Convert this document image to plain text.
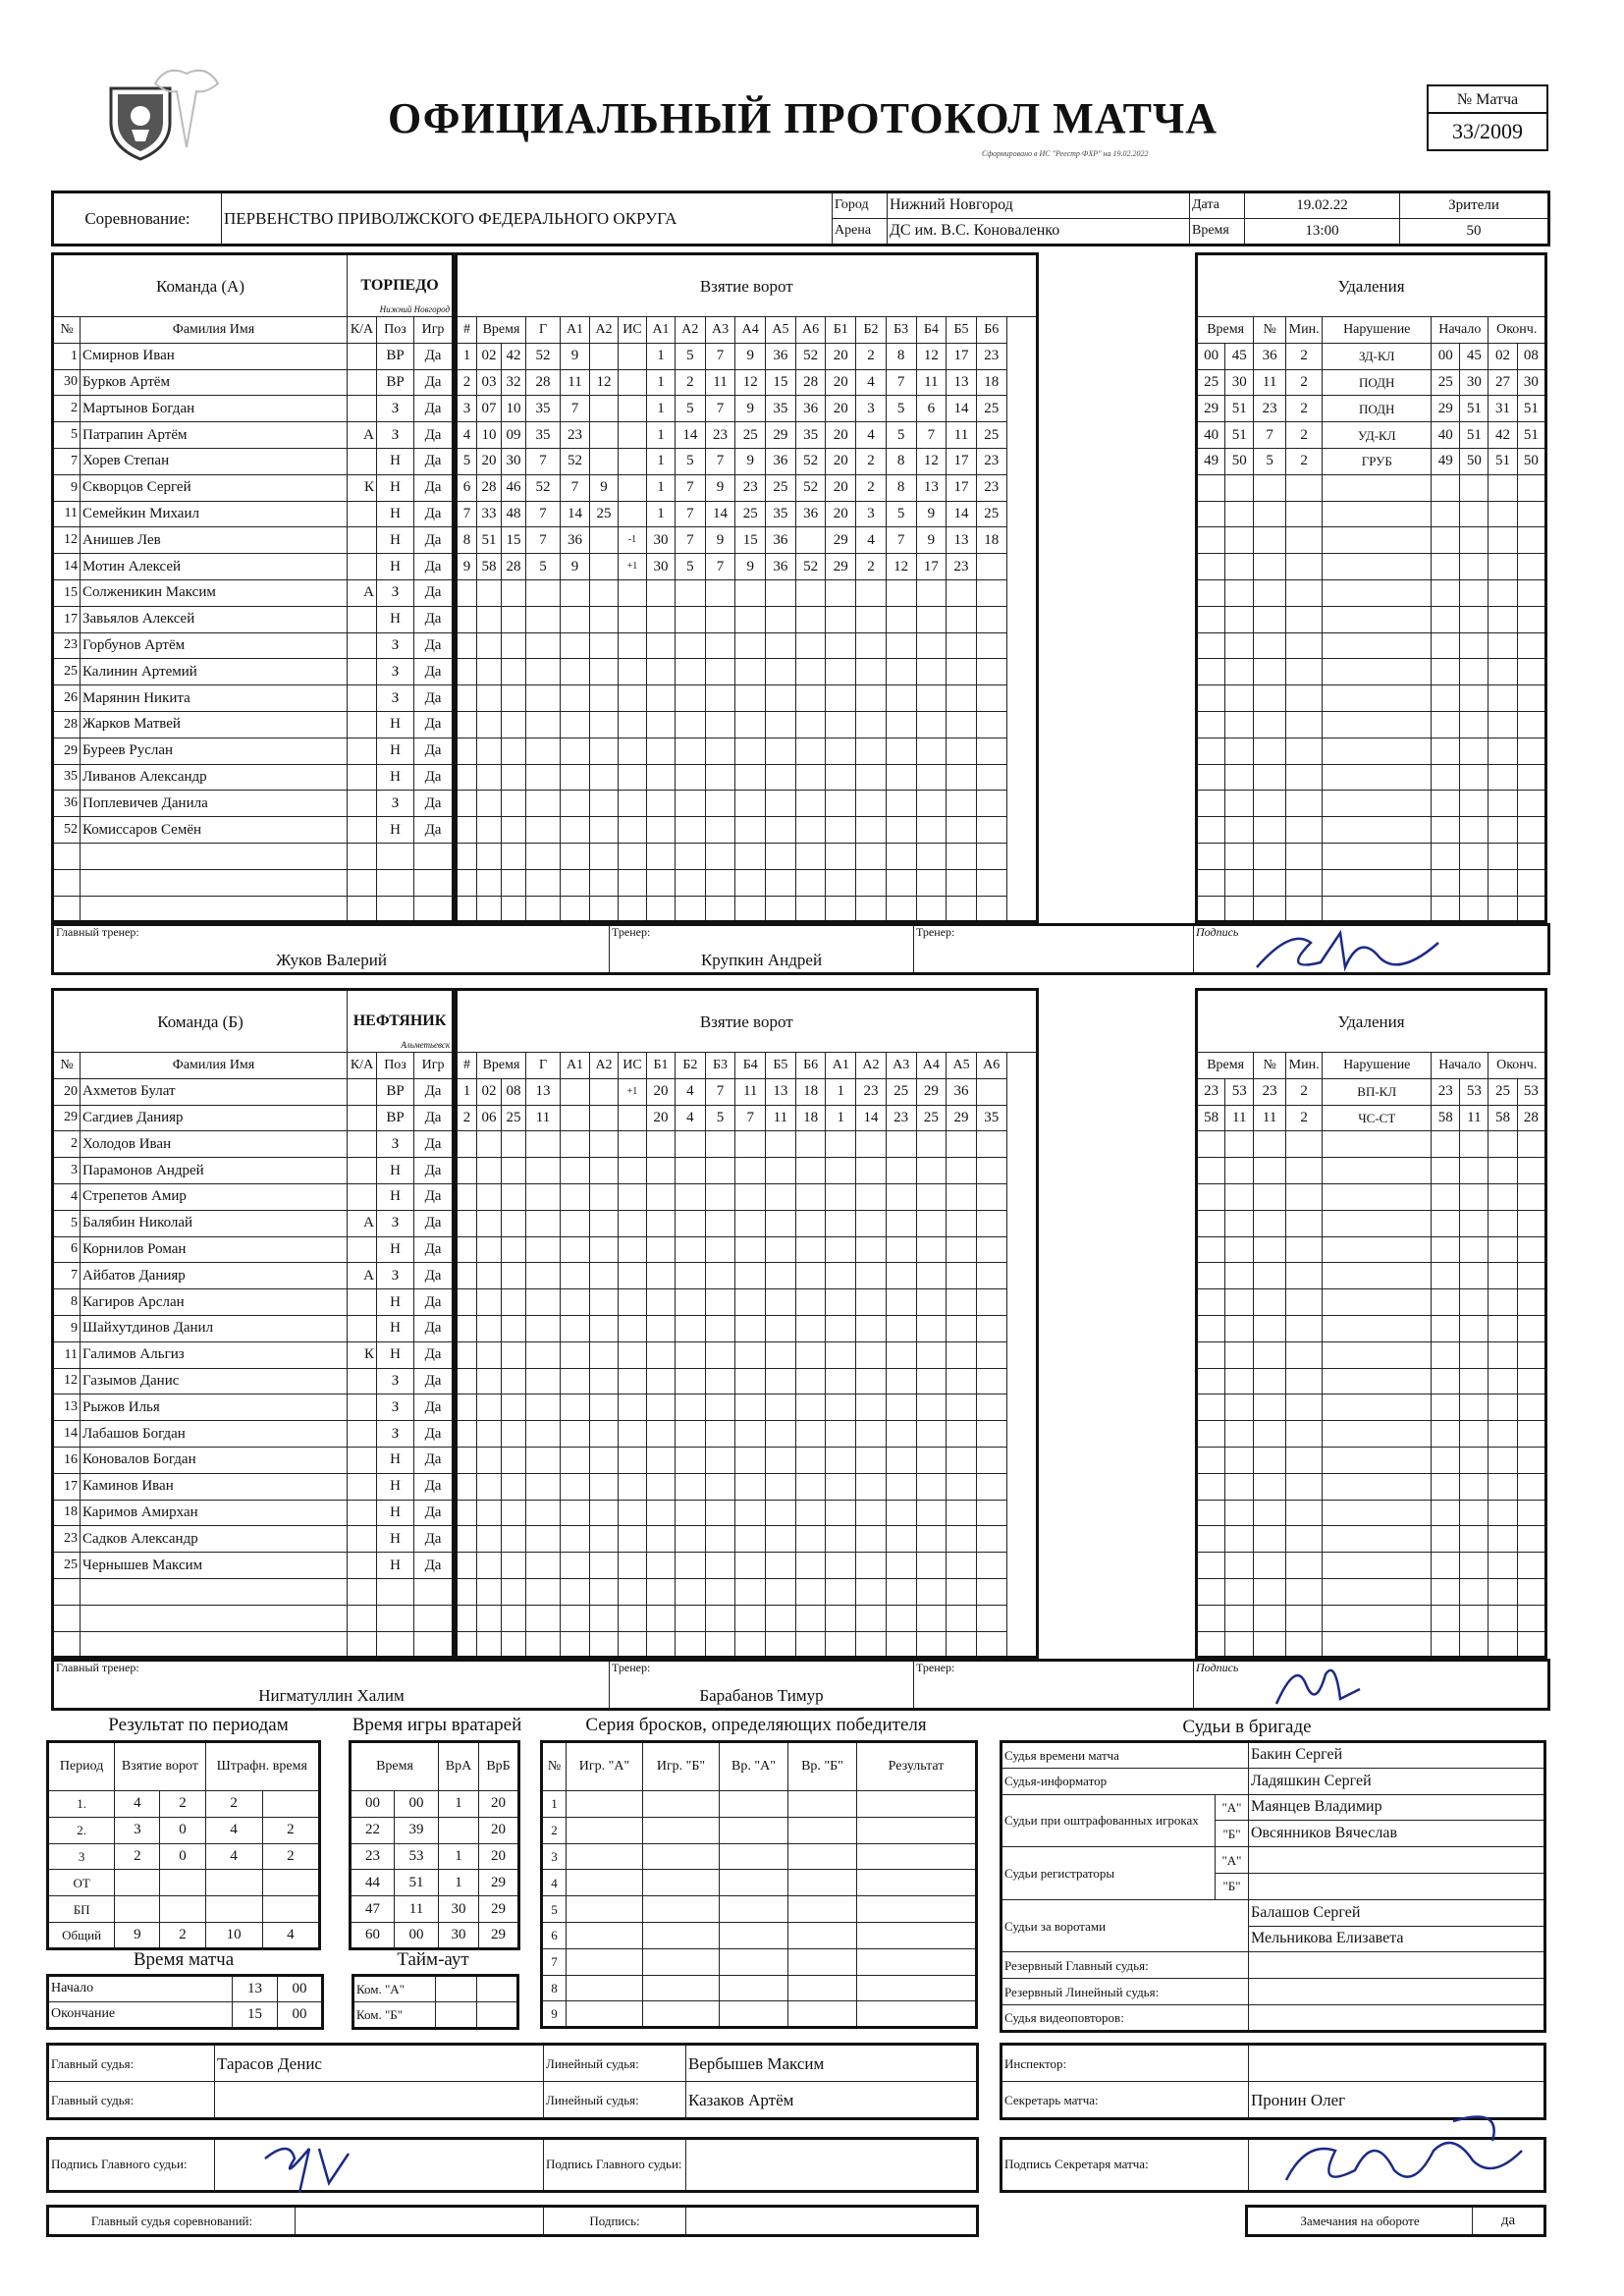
ОФИЦИАЛЬНЫЙ ПРОТОКОЛ МАТЧА
Сформировано в ИС "Реестр ФХР" на 19.02.2022
№ Матча
33/2009
Соревнование:	ПЕРВЕНСТВО ПРИВОЛЖСКОГО ФЕДЕРАЛЬНОГО ОКРУГА	Город	Нижний Новгород	Дата	19.02.22	Зрители
		Арена	ДС им. В.С. Коноваленко	Время	13:00	50
Команда (А)		ТОРПЕДО
Нижний Новгород		

№	Фамилия Имя	К/А	Поз	Игр
1	Смирнов Иван		ВР	Да
30	Бурков Артём		ВР	Да
2	Мартынов Богдан		З	Да
5	Патрапин Артём	А	З	Да
7	Хорев Степан		Н	Да
9	Скворцов Сергей	К	Н	Да
11	Семейкин Михаил		Н	Да
12	Анишев Лев		Н	Да
14	Мотин Алексей		Н	Да
15	Солженикин Максим	А	З	Да
17	Завьялов Алексей		Н	Да
23	Горбунов Артём		З	Да
25	Калинин Артемий		З	Да
26	Марянин Никита		З	Да
28	Жарков Матвей		Н	Да
29	Буреев Руслан		Н	Да
35	Ливанов Александр		Н	Да
36	Поплевичев Данила		З	Да
52	Комиссаров Семён		Н	Да

Взятие ворот																		
#	Время		Г	А1	А2	ИС	А1	А2	А3	А4	А5	А6	Б1	Б2	Б3	Б4	Б5	Б6
1	02	42	52	9			1	5	7	9	36	52	20	2	8	12	17	23
2	03	32	28	11	12		1	2	11	12	15	28	20	4	7	11	13	18
3	07	10	35	7			1	5	7	9	35	36	20	3	5	6	14	25
4	10	09	35	23			1	14	23	25	29	35	20	4	5	7	11	25
5	20	30	7	52			1	5	7	9	36	52	20	2	8	12	17	23
6	28	46	52	7	9		1	7	9	23	25	52	20	2	8	13	17	23
7	33	48	7	14	25		1	7	14	25	35	36	20	3	5	9	14	25
8	51	15	7	36		-1	30	7	9	15	36		29	4	7	9	13	18
9	58	28	5	9		+1	30	5	7	9	36	52	29	2	12	17	23	

Удаления								
Время		№	Мин.	Нарушение	Начало		Оконч.	
00	45	36	2	ЗД-КЛ	00	45	02	08
25	30	11	2	ПОДН	25	30	27	30
29	51	23	2	ПОДН	29	51	31	51
40	51	7	2	УД-КЛ	40	51	42	51
49	50	5	2	ГРУБ	49	50	51	50

Главный тренер:
Жуков Валерий

Тренер:
Крупкин Андрей

Тренер:	Подпись
Команда (Б)		НЕФТЯНИК
Альметьевск		

№	Фамилия Имя	К/А	Поз	Игр
20	Ахметов Булат		ВР	Да
29	Сагдиев Данияр		ВР	Да
2	Холодов Иван		З	Да
3	Парамонов Андрей		Н	Да
4	Стрепетов Амир		Н	Да
5	Балябин Николай	А	З	Да
6	Корнилов Роман		Н	Да
7	Айбатов Данияр	А	З	Да
8	Кагиров Арслан		Н	Да
9	Шайхутдинов Данил		Н	Да
11	Галимов Альгиз	К	Н	Да
12	Газымов Данис		З	Да
13	Рыжов Илья		З	Да
14	Лабашов Богдан		З	Да
16	Коновалов Богдан		Н	Да
17	Каминов Иван		Н	Да
18	Каримов Амирхан		Н	Да
23	Садков Александр		Н	Да
25	Чернышев Максим		Н	Да

Взятие ворот																		
#	Время		Г	А1	А2	ИС	Б1	Б2	Б3	Б4	Б5	Б6	А1	А2	А3	А4	А5	А6
1	02	08	13			+1	20	4	7	11	13	18	1	23	25	29	36	
2	06	25	11				20	4	5	7	11	18	1	14	23	25	29	35

Удаления								
Время		№	Мин.	Нарушение	Начало		Оконч.	
23	53	23	2	ВП-КЛ	23	53	25	53
58	11	11	2	ЧС-СТ	58	11	58	28

Главный тренер:
Нигматуллин Халим

Тренер:
Барабанов Тимур

Тренер:	Подпись
Результат по периодам
Период	Взятие ворот		Штрафн. время	
1.	4	2	2	
2.	3	0	4	2
3	2	0	4	2
ОТ				
БП				
Общий	9	2	10	4
Время матча
Начало	13	00
Окончание	15	00
Время игры вратарей
Время		ВрА	ВрБ
00	00	1	20
22	39		20
23	53	1	20
44	51	1	29
47	11	30	29
60	00	30	29
Тайм-аут
Ком. "А"		
Ком. "Б"		
Серия бросков, определяющих победителя
№	Игр. "А"	Игр. "Б"	Вр. "А"	Вр. "Б"	Результат
1					
2					
3					
4					
5					
6					
7					
8					
9					
Судьи в бригаде
Судья времени матча		Бакин Сергей
Судья-информатор		Ладяшкин Сергей
Судьи при оштрафованных игроках	"А"	Маянцев Владимир
	"Б"	Овсянников Вячеслав
Судьи регистраторы	"А"	
	"Б"	
Судьи за воротами		Балашов Сергей
		Мельникова Елизавета
Резервный Главный судья:		
Резервный Линейный судья:		
Судья видеоповторов:		
Главный судья:	Тарасов Денис	Линейный судья:	Вербышев Максим
Главный судья:		Линейный судья:	Казаков Артём
Инспектор:	
Секретарь матча:	Пронин Олег
Подпись Главного судьи:		Подпись Главного судьи:		Подпись Секретаря матча:	
Главный судья соревнований:		Подпись:		Замечания на обороте	да
